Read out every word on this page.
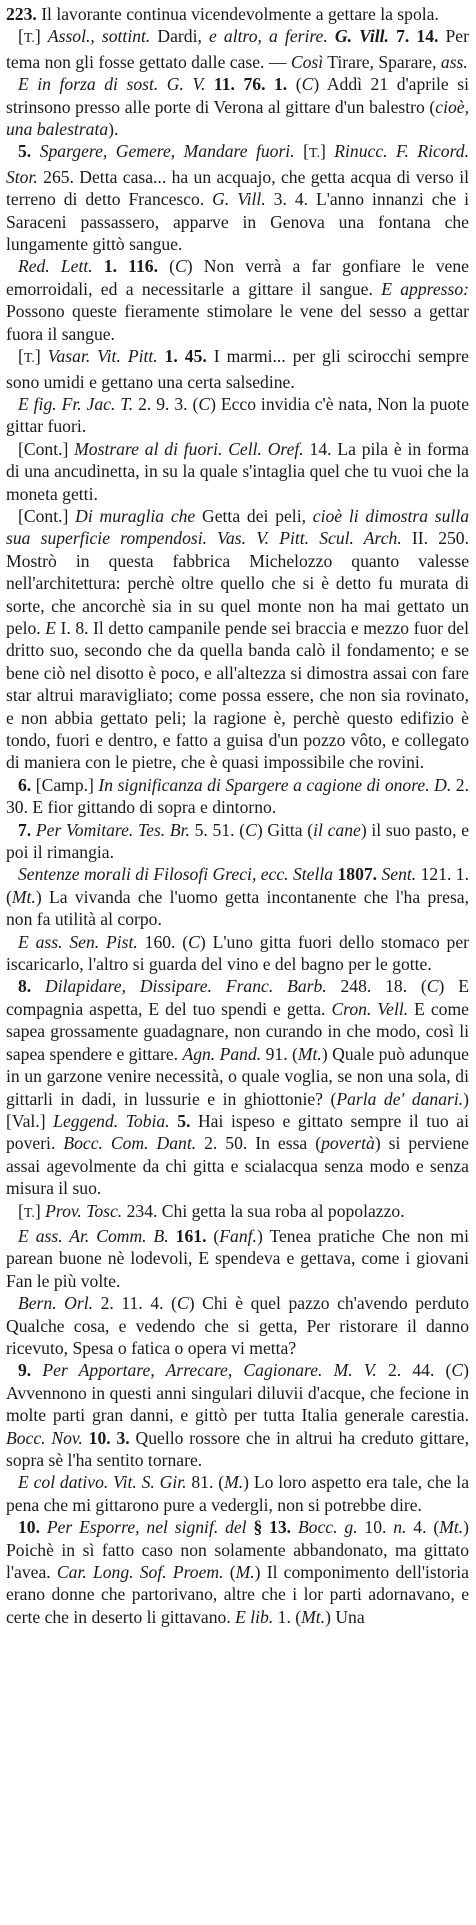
223. Il lavorante continua vicendevolmente a gettare la spola.

[T.] Assol., sottint. Dardi, e altro, a ferire. G. Vill. 7. 14. Per tema non gli fosse gettato dalle case. — Così Tirare, Sparare, ass.

E in forza di sost. G. V. 11. 76. 1. (C) Addì 21 d'aprile si strinsono presso alle porte di Verona al gittare d'un balestro (cioè, una balestrata).

5. Spargere, Gemere, Mandare fuori. [T.] Rinucc. F. Ricord. Stor. 265. Detta casa... ha un acquajo, che getta acqua di verso il terreno di detto Francesco. G. Vill. 3. 4. L'anno innanzi che i Saraceni passassero, apparve in Genova una fontana che lungamente gittò sangue.

Red. Lett. 1. 116. (C) Non verrà a far gonfiare le vene emorroidali, ed a necessitarle a gittare il sangue. E appresso: Possono queste fieramente stimolare le vene del sesso a gettar fuora il sangue.

[T.] Vasar. Vit. Pitt. 1. 45. I marmi... per gli scirocchi sempre sono umidi e gettano una certa salsedine.

E fig. Fr. Jac. T. 2. 9. 3. (C) Ecco invidia c'è nata, Non la puote gittar fuori.

[Cont.] Mostrare al di fuori. Cell. Oref. 14. La pila è in forma di una ancudinetta, in su la quale s'intaglia quel che tu vuoi che la moneta getti.

[Cont.] Di muraglia che Getta dei peli, cioè li dimostra sulla sua superficie rompendosi. Vas. V. Pitt. Scul. Arch. II. 250. Mostrò in questa fabbrica Michelozzo quanto valesse nell'architettura: perchè oltre quello che si è detto fu murata di sorte, che ancorchè sia in su quel monte non ha mai gettato un pelo. E I. 8. Il detto campanile pende sei braccia e mezzo fuor del dritto suo, secondo che da quella banda calò il fondamento; e se bene ciò nel disotto è poco, e all'altezza si dimostra assai con fare star altrui maravigliato; come possa essere, che non sia rovinato, e non abbia gettato peli; la ragione è, perchè questo edifizio è tondo, fuori e dentro, e fatto a guisa d'un pozzo vôto, e collegato di maniera con le pietre, che è quasi impossibile che rovini.

6. [Camp.] In significanza di Spargere a cagione di onore. D. 2. 30. E fior gittando di sopra e dintorno.

7. Per Vomitare. Tes. Br. 5. 51. (C) Gitta (il cane) il suo pasto, e poi il rimangia.

Sentenze morali di Filosofi Greci, ecc. Stella 1807. Sent. 121. 1. (Mt.) La vivanda che l'uomo getta incontanente che l'ha presa, non fa utilità al corpo.

E ass. Sen. Pist. 160. (C) L'uno gitta fuori dello stomaco per iscaricarlo, l'altro si guarda del vino e del bagno per le gotte.

8. Dilapidare, Dissipare. Franc. Barb. 248. 18. (C) E compagnia aspetta, E del tuo spendi e getta. Cron. Vell. E come sapea grossamente guadagnare, non curando in che modo, così li sapea spendere e gittare. Agn. Pand. 91. (Mt.) Quale può adunque in un garzone venire necessità, o quale voglia, se non una sola, di gittarli in dadi, in lussurie e in ghiottonie? (Parla de' danari.) [Val.] Leggend. Tobia. 5. Hai ispeso e gittato sempre il tuo ai poveri. Bocc. Com. Dant. 2. 50. In essa (povertà) si perviene assai agevolmente da chi gitta e scialacqua senza modo e senza misura il suo.

[T.] Prov. Tosc. 234. Chi getta la sua roba al popolazzo.

E ass. Ar. Comm. B. 161. (Fanf.) Tenea pratiche Che non mi parean buone nè lodevoli, E spendeva e gettava, come i giovani Fan le più volte.

Bern. Orl. 2. 11. 4. (C) Chi è quel pazzo ch'avendo perduto Qualche cosa, e vedendo che si getta, Per ristorare il danno ricevuto, Spesa o fatica o opera vi metta?

9. Per Apportare, Arrecare, Cagionare. M. V. 2. 44. (C) Avvennono in questi anni singulari diluvii d'acque, che fecione in molte parti gran danni, e gittò per tutta Italia generale carestia. Bocc. Nov. 10. 3. Quello rossore che in altrui ha creduto gittare, sopra sè l'ha sentito tornare.

E col dativo. Vit. S. Gir. 81. (M.) Lo loro aspetto era tale, che la pena che mi gittarono pure a vedergli, non si potrebbe dire.

10. Per Esporre, nel signif. del § 13. Bocc. g. 10. n. 4. (Mt.) Poichè in sì fatto caso non solamente abbandonato, ma gittato l'avea. Car. Long. Sof. Proem. (M.) Il componimento dell'istoria erano donne che partorivano, altre che i lor parti adornavano, e certe che in deserto li gittavano. E lib. 1. (Mt.) Una
